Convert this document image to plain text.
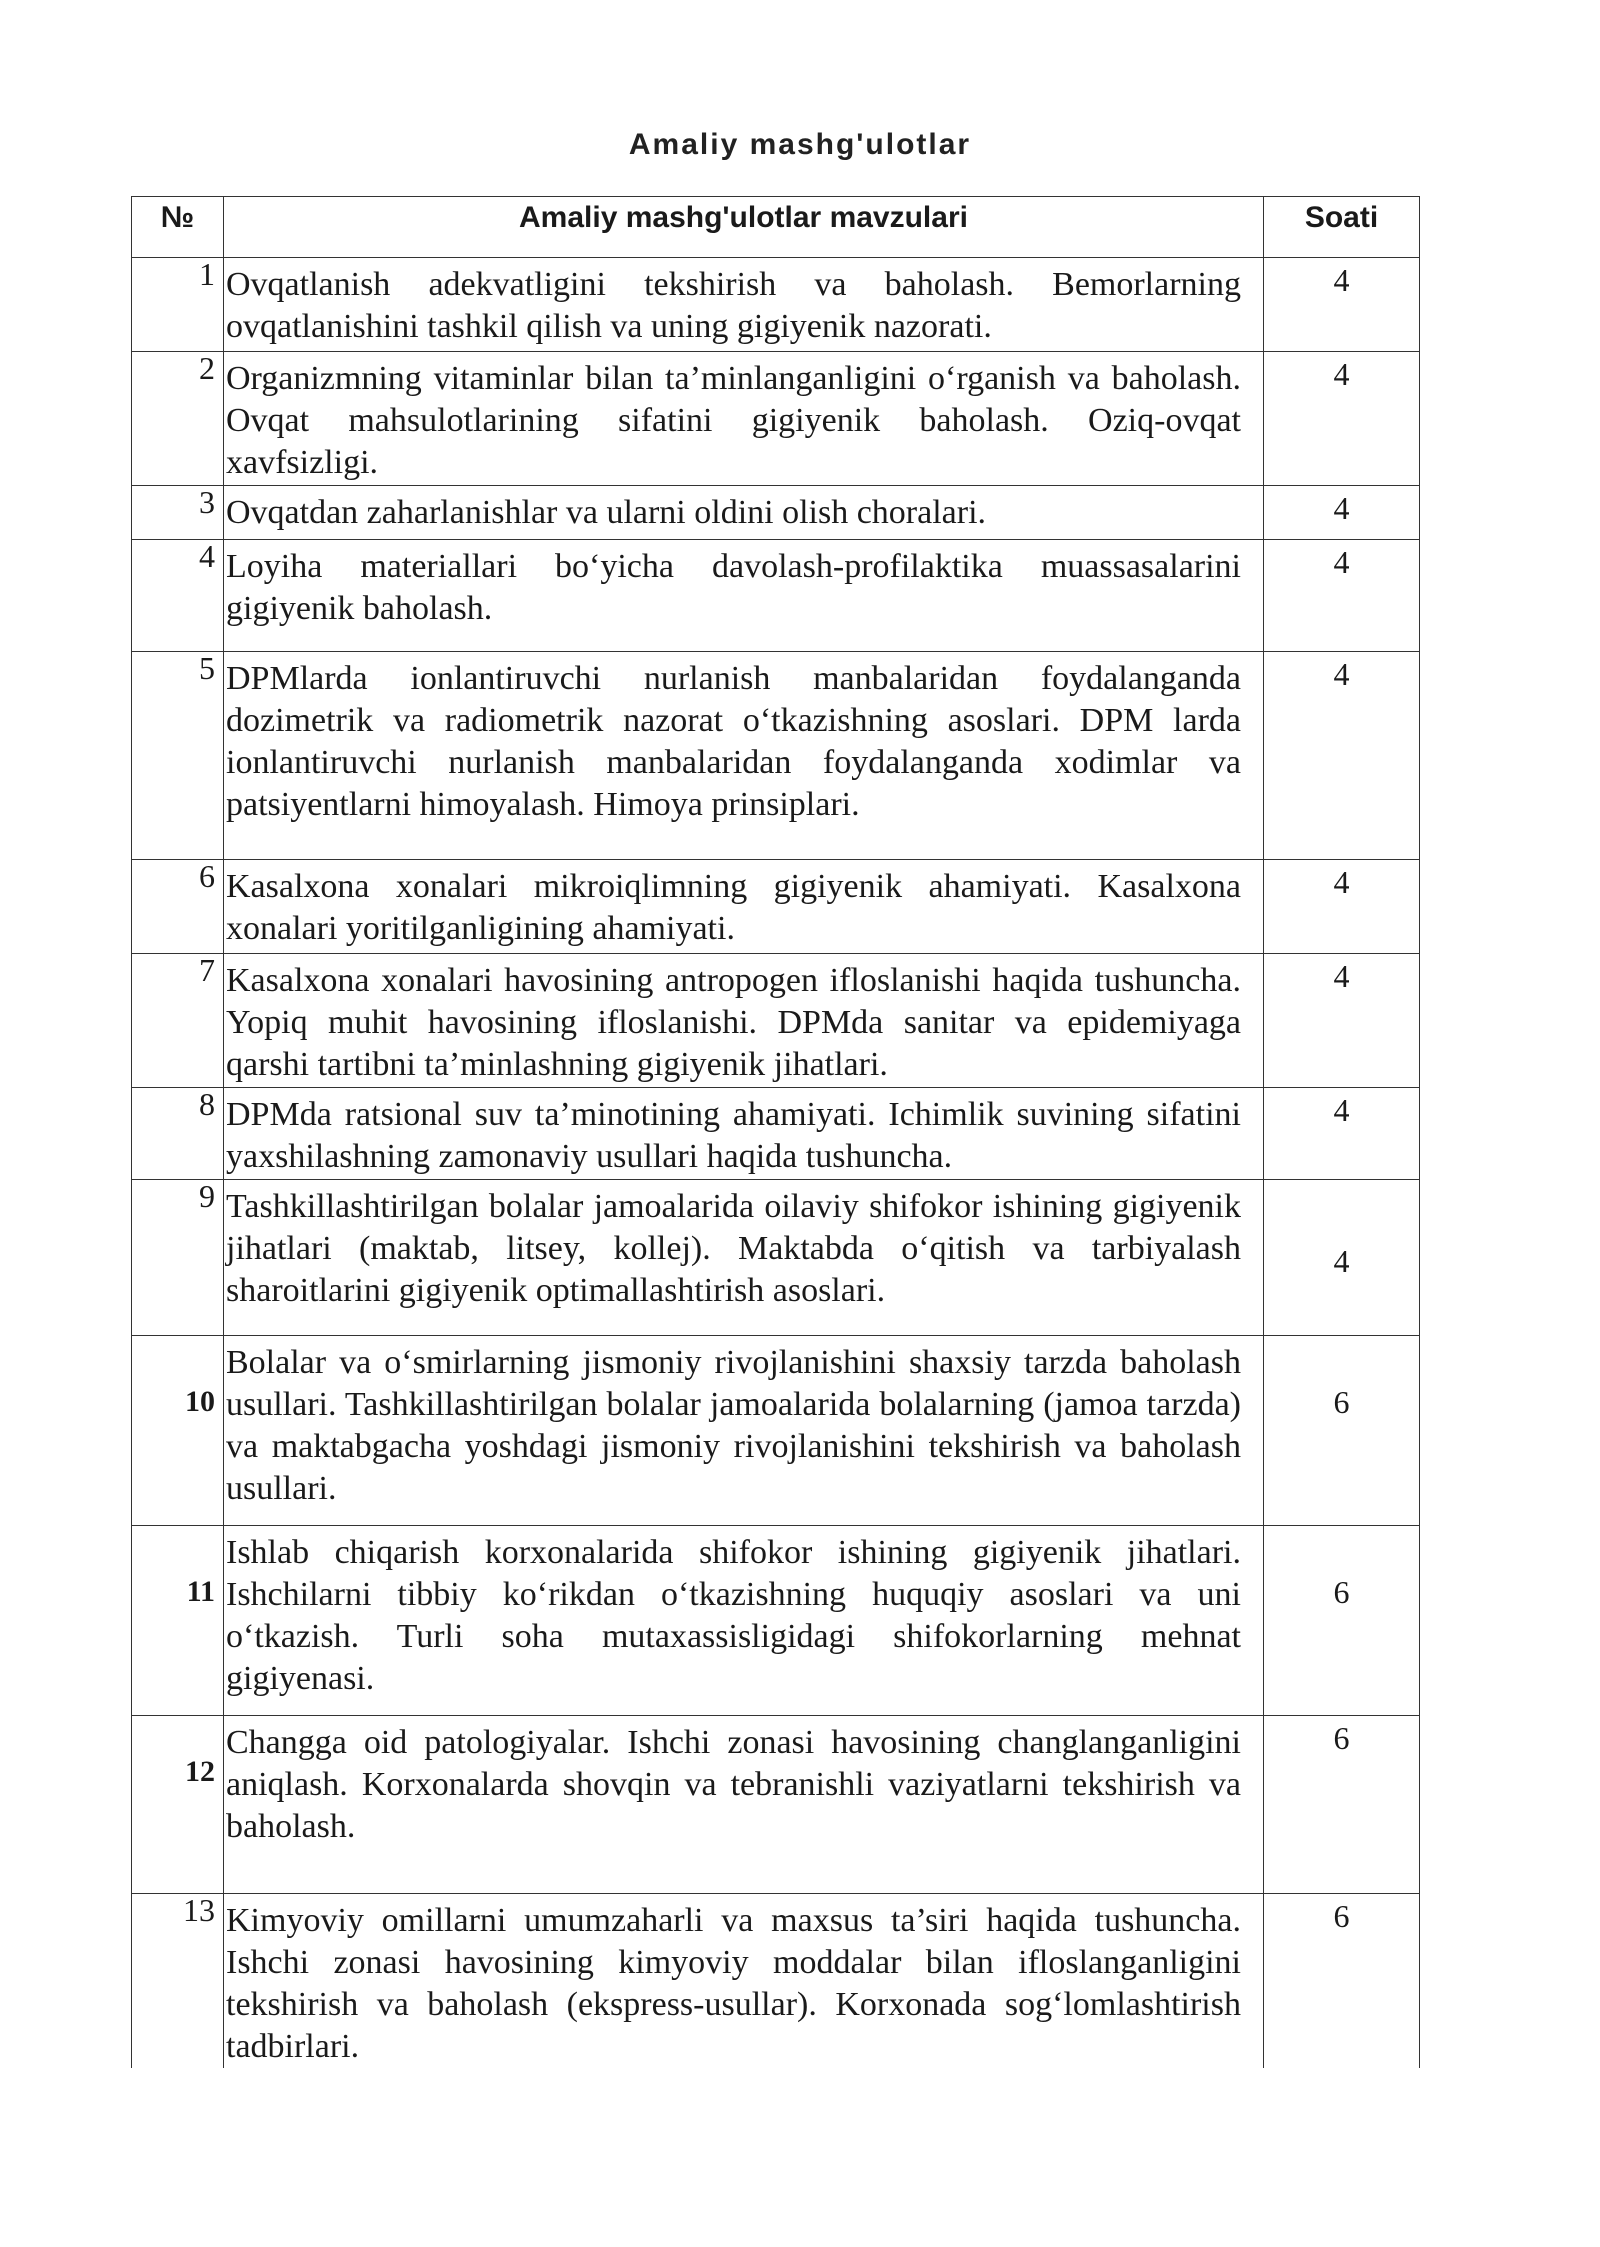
Amaliy mashg'ulotlar
№	Amaliy mashg'ulotlar mavzulari	Soati
1	Ovqatlanish adekvatligini tekshirish va baholash. Bemorlarning ovqatlanishini tashkil qilish va uning gigiyenik nazorati.	4
2	Organizmning vitaminlar bilan ta’minlanganligini o‘rganish va baholash. Ovqat mahsulotlarining sifatini gigiyenik baholash. Oziq-ovqat xavfsizligi.	4
3	Ovqatdan zaharlanishlar va ularni oldini olish choralari.	4
4	Loyiha materiallari bo‘yicha davolash-profilaktika muassasalarini gigiyenik baholash.	4
5	DPMlarda ionlantiruvchi nurlanish manbalaridan foydalanganda dozimetrik va radiometrik nazorat o‘tkazishning asoslari. DPM larda ionlantiruvchi nurlanish manbalaridan foydalanganda xodimlar va patsiyentlarni himoyalash. Himoya prinsiplari.	4
6	Kasalxona xonalari mikroiqlimning gigiyenik ahamiyati. Kasalxona xonalari yoritilganligining ahamiyati.	4
7	Kasalxona xonalari havosining antropogen ifloslanishi haqida tushuncha. Yopiq muhit havosining ifloslanishi. DPMda sanitar va epidemiyaga qarshi tartibni ta’minlashning gigiyenik jihatlari.	4
8	DPMda ratsional suv ta’minotining ahamiyati. Ichimlik suvining sifatini yaxshilashning zamonaviy usullari haqida tushuncha.	4
9	Tashkillashtirilgan bolalar jamoalarida oilaviy shifokor ishining gigiyenik jihatlari (maktab, litsey, kollej). Maktabda o‘qitish va tarbiyalash sharoitlarini gigiyenik optimallashtirish asoslari.	4
10	Bolalar va o‘smirlarning jismoniy rivojlanishini shaxsiy tarzda baholash usullari. Tashkillashtirilgan bolalar jamoalarida bolalarning (jamoa tarzda) va maktabgacha yoshdagi jismoniy rivojlanishini tekshirish va baholash usullari.	6
11	Ishlab chiqarish korxonalarida shifokor ishining gigiyenik jihatlari. Ishchilarni tibbiy ko‘rikdan o‘tkazishning huquqiy asoslari va uni o‘tkazish. Turli soha mutaxassisligidagi shifokorlarning mehnat gigiyenasi.	6
12	Changga oid patologiyalar. Ishchi zonasi havosining changlanganligini aniqlash. Korxonalarda shovqin va tebranishli vaziyatlarni tekshirish va baholash.	6
13	Kimyoviy omillarni umumzaharli va maxsus ta’siri haqida tushuncha. Ishchi zonasi havosining kimyoviy moddalar bilan ifloslanganligini tekshirish va baholash (ekspress-usullar). Korxonada sog‘lomlashtirish tadbirlari.	6
